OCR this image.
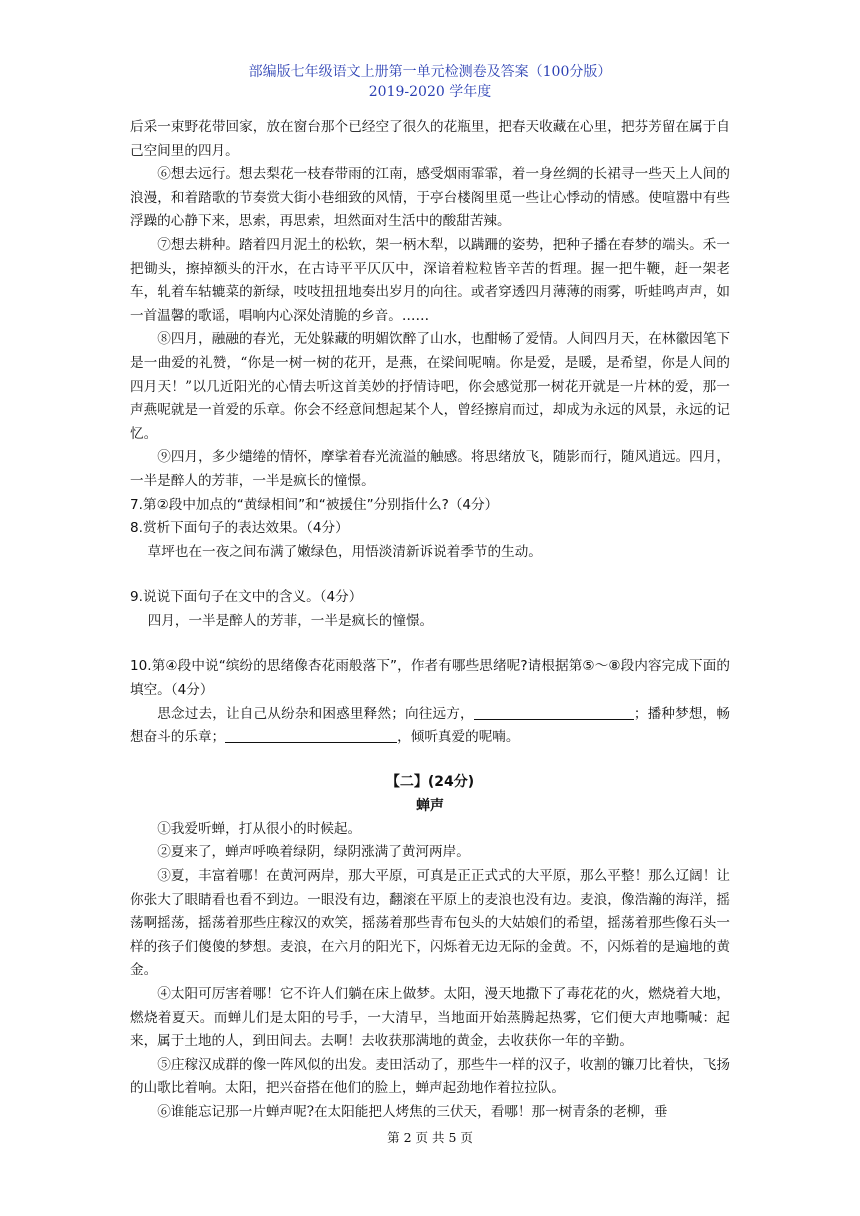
部编版七年级语文上册第一单元检测卷及答案（100分版）
2019-2020 学年度

后采一束野花带回家，放在窗台那个已经空了很久的花瓶里，把春天收藏在心里，把芬芳留在属于自己空间里的四月。

⑥想去远行。想去梨花一枝春带雨的江南，感受烟雨霏霏，着一身丝绸的长裙寻一些天上人间的浪漫，和着踏歌的节奏赏大街小巷细致的风情，于亭台楼阁里觅一些让心悸动的情感。使喧嚣中有些浮躁的心静下来，思索，再思索，坦然面对生活中的酸甜苦辣。

⑦想去耕种。踏着四月泥土的松软，架一柄木犁，以蹒跚的姿势，把种子播在春梦的端头。禾一把锄头，擦掉额头的汗水，在古诗平平仄仄中，深谙着粒粒皆辛苦的哲理。握一把牛鞭，赶一架老车，轧着车轱辘菜的新绿，吱吱扭扭地奏出岁月的向往。或者穿透四月薄薄的雨雾，听蛙鸣声声，如一首温馨的歌谣，唱响内心深处清脆的乡音。……

⑧四月，融融的春光，无处躲藏的明媚饮醉了山水，也酣畅了爱情。人间四月天，在林徽因笔下是一曲爱的礼赞，“你是一树一树的花开，是燕，在梁间呢喃。你是爱，是暖，是希望，你是人间的四月天！”以几近阳光的心情去听这首美妙的抒情诗吧，你会感觉那一树花开就是一片林的爱，那一声燕呢就是一首爱的乐章。你会不经意间想起某个人，曾经擦肩而过，却成为永远的风景，永远的记忆。

⑨四月，多少缱绻的情怀，摩挲着春光流溢的触感。将思绪放飞，随影而行，随风逍远。四月，一半是醉人的芳菲，一半是疯长的憧憬。

7.第②段中加点的“黄绿相间”和“被援住”分别指什么?（4分）

8.赏析下面句子的表达效果。（4分）

草坪也在一夜之间布满了嫩绿色，用悟淡清新诉说着季节的生动。

9.说说下面句子在文中的含义。（4分）

四月，一半是醉人的芳菲，一半是疯长的憧憬。

10.第④段中说“缤纷的思绪像杏花雨般落下”，作者有哪些思绪呢?请根据第⑤～⑧段内容完成下面的填空。（4分）

思念过去，让自己从纷杂和困惑里释然；向往远方，	；播种梦想，畅想奋斗的乐章；	，倾听真爱的呢喃。

【二】(24分)

蝉声

①我爱听蝉，打从很小的时候起。

②夏来了，蝉声呼唤着绿阴，绿阴涨满了黄河两岸。

③夏，丰富着哪！在黄河两岸，那大平原，可真是正正式式的大平原，那么平整！那么辽阔！让你张大了眼睛看也看不到边。一眼没有边，翻滚在平原上的麦浪也没有边。麦浪，像浩瀚的海洋，摇荡啊摇荡，摇荡着那些庄稼汉的欢笑，摇荡着那些青布包头的大姑娘们的希望，摇荡着那些像石头一样的孩子们傻傻的梦想。麦浪，在六月的阳光下，闪烁着无边无际的金黄。不，闪烁着的是遍地的黄金。

④太阳可厉害着哪！它不许人们躺在床上做梦。太阳，漫天地撒下了毒花花的火，燃烧着大地，燃烧着夏天。而蝉儿们是太阳的号手，一大清早，当地面开始蒸腾起热雾，它们便大声地嘶喊：起来，属于土地的人，到田间去。去啊！去收获那满地的黄金，去收获你一年的辛勤。

⑤庄稼汉成群的像一阵风似的出发。麦田活动了，那些牛一样的汉子，收割的镰刀比着快，飞扬的山歌比着响。太阳，把兴奋搭在他们的脸上，蝉声起劲地作着拉拉队。

⑥谁能忘记那一片蝉声呢?在太阳能把人烤焦的三伏天，看哪！那一树青条的老柳，垂

第 2 页 共 5 页
